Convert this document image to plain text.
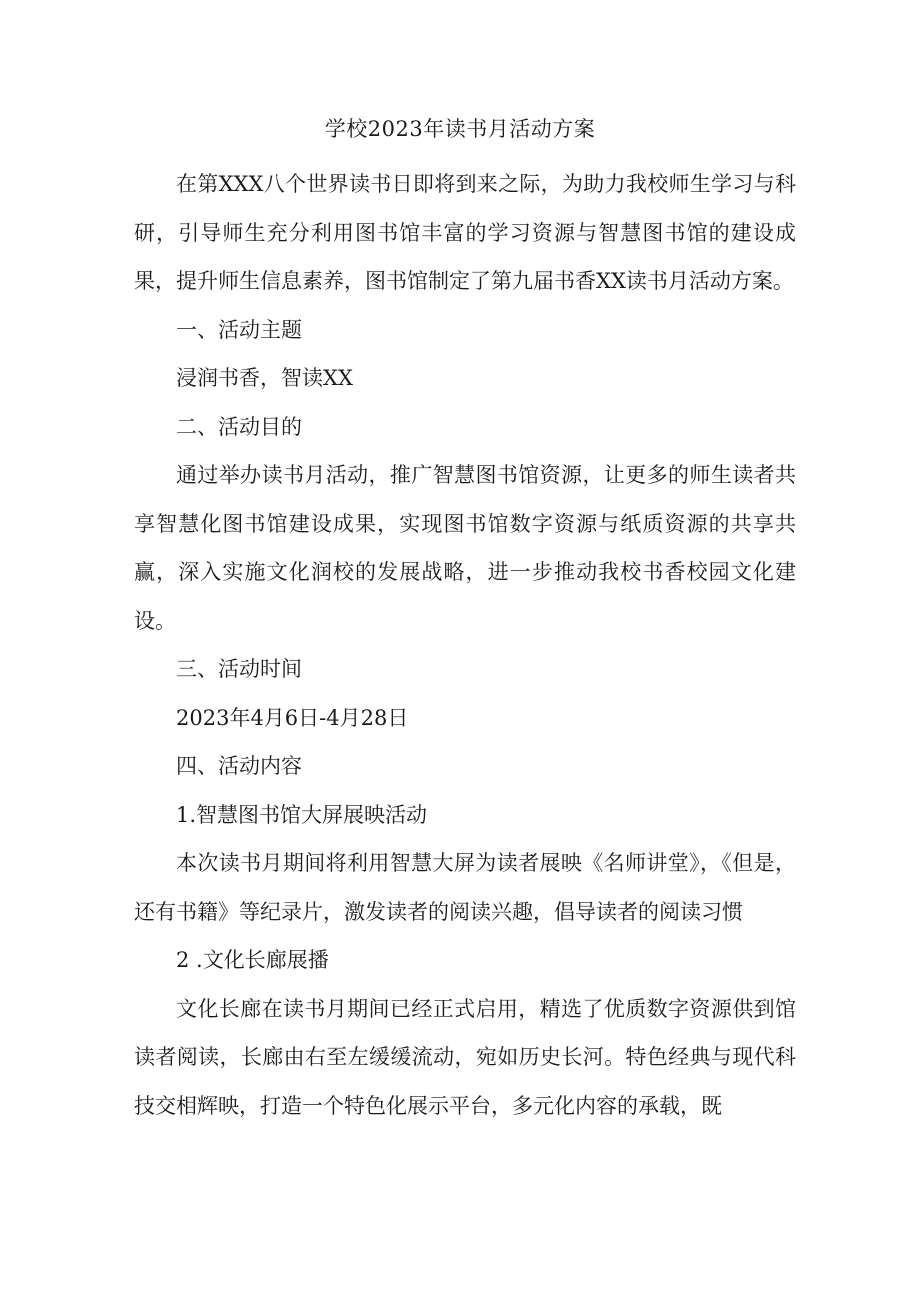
学校2023年读书月活动方案

在第XXX八个世界读书日即将到来之际，为助力我校师生学习与科研，引导师生充分利用图书馆丰富的学习资源与智慧图书馆的建设成果，提升师生信息素养，图书馆制定了第九届书香XX读书月活动方案。

一、活动主题

浸润书香，智读XX

二、活动目的

通过举办读书月活动，推广智慧图书馆资源，让更多的师生读者共享智慧化图书馆建设成果，实现图书馆数字资源与纸质资源的共享共赢，深入实施文化润校的发展战略，进一步推动我校书香校园文化建设。

三、活动时间

2023年4月6日-4月28日

四、活动内容

1.智慧图书馆大屏展映活动

本次读书月期间将利用智慧大屏为读者展映《名师讲堂》，《但是，还有书籍》等纪录片，激发读者的阅读兴趣，倡导读者的阅读习惯

2 .文化长廊展播

文化长廊在读书月期间已经正式启用，精选了优质数字资源供到馆读者阅读，长廊由右至左缓缓流动，宛如历史长河。特色经典与现代科技交相辉映，打造一个特色化展示平台，多元化内容的承载，既
